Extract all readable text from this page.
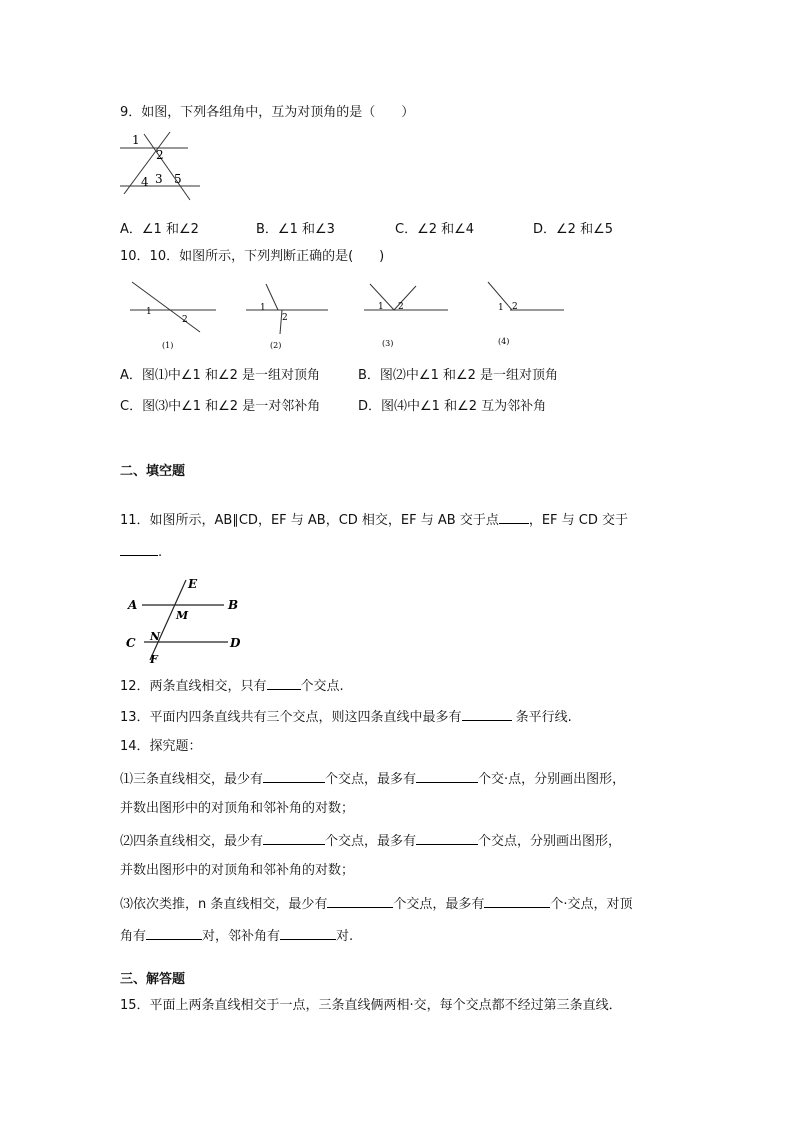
9．如图，下列各组角中，互为对顶角的是（　　）
1
2
4 3 5
A．∠1 和∠2	B．∠1 和∠3	C．∠2 和∠4	D．∠2 和∠5
10．10．如图所示，下列判断正确的是(　　)
1
2
(1)
1
2
(2)
1 2
(3)
1 2
(4)
A．图⑴中∠1 和∠2 是一组对顶角	B．图⑵中∠1 和∠2 是一组对顶角
C．图⑶中∠1 和∠2 是一对邻补角	D．图⑷中∠1 和∠2 互为邻补角
二、填空题
11．如图所示，AB∥CD，EF 与 AB，CD 相交，EF 与 AB 交于点 ，EF 与 CD 交于
.
E
A	B
M
C N	D
F
12．两条直线相交，只有	个交点.
13．平面内四条直线共有三个交点，则这四条直线中最多有	条平行线.
14．探究题：
⑴三条直线相交，最少有	个交点，最多有	个交·点，分别画出图形，
并数出图形中的对顶角和邻补角的对数；
⑵四条直线相交，最少有	个交点，最多有	个交点，分别画出图形，
并数出图形中的对顶角和邻补角的对数；
⑶依次类推，n 条直线相交，最少有	个交点，最多有	个·交点，对顶
角有	对，邻补角有	对.
三、解答题
15．平面上两条直线相交于一点，三条直线俩两相·交，每个交点都不经过第三条直线．
